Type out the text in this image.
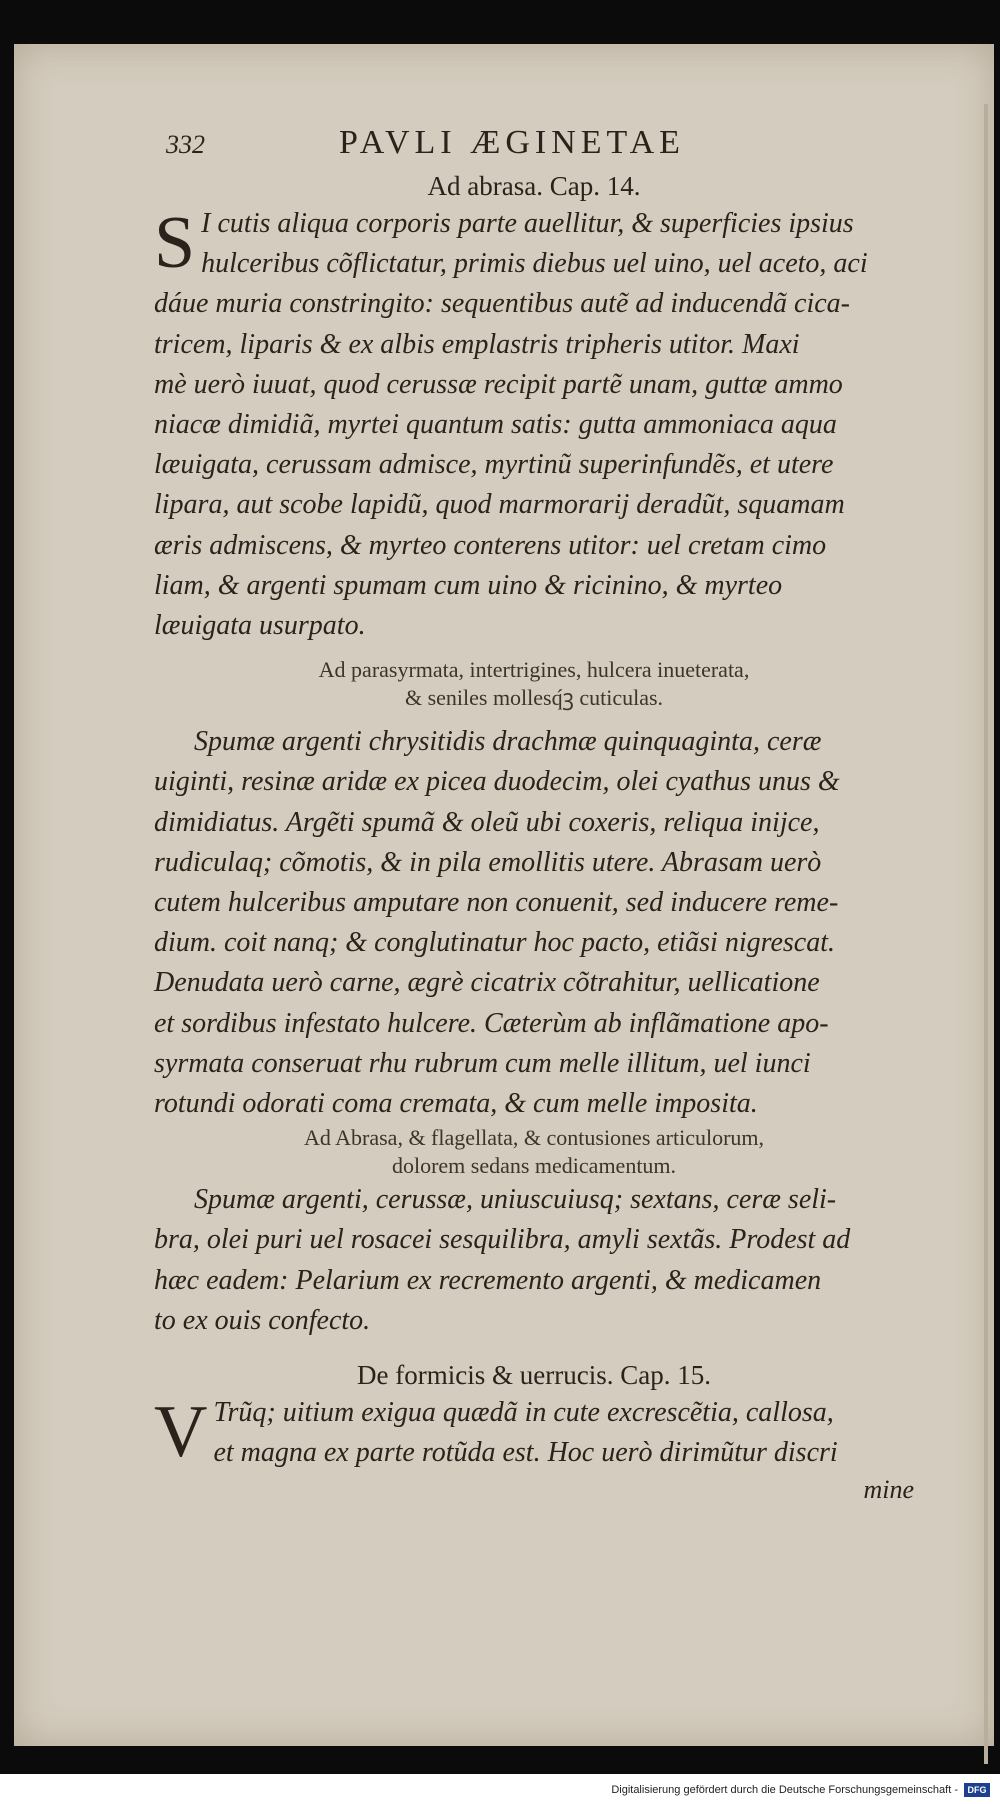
332	PAVLI ÆGINETAE

Ad abrasa. Cap. 14.

S I cutis aliqua corporis parte auellitur, & superficies ipsius

hulceribus cõflictatur, primis diebus uel uino, uel aceto, aci

dáue muria constringito: sequentibus autẽ ad inducendã cica-

tricem, liparis & ex albis emplastris tripheris utitor. Maxi

mè uerò iuuat, quod cerussæ recipit partẽ unam, guttæ ammo

niacæ dimidiã, myrtei quantum satis: gutta ammoniaca aqua

læuigata, cerussam admisce, myrtinũ superinfundẽs, et utere

lipara, aut scobe lapidũ, quod marmorarij deradũt, squamam

æris admiscens, & myrteo conterens utitor: uel cretam cimo

liam, & argenti spumam cum uino & ricinino, & myrteo

læuigata usurpato.

Ad parasyrmata, intertrigines, hulcera inueterata,

& seniles mollesq́ꝫ cuticulas.

Spumæ argenti chrysitidis drachmæ quinquaginta, ceræ

uiginti, resinæ aridæ ex picea duodecim, olei cyathus unus &

dimidiatus. Argẽti spumã & oleũ ubi coxeris, reliqua inijce,

rudiculaq; cõmotis, & in pila emollitis utere. Abrasam uerò

cutem hulceribus amputare non conuenit, sed inducere reme-

dium. coit nanq; & conglutinatur hoc pacto, etiãsi nigrescat.

Denudata uerò carne, ægrè cicatrix cõtrahitur, uellicatione

et sordibus infestato hulcere. Cæterùm ab inflãmatione apo-

syrmata conseruat rhu rubrum cum melle illitum, uel iunci

rotundi odorati coma cremata, & cum melle imposita.

Ad Abrasa, & flagellata, & contusiones articulorum,

dolorem sedans medicamentum.

Spumæ argenti, cerussæ, uniuscuiusq; sextans, ceræ seli-

bra, olei puri uel rosacei sesquilibra, amyli sextãs. Prodest ad

hæc eadem: Pelarium ex recremento argenti, & medicamen

to ex ouis confecto.

De formicis & uerrucis. Cap. 15.

V Trũq; uitium exigua quædã in cute excrescẽtia, callosa,

et magna ex parte rotũda est. Hoc uerò dirimũtur discri

mine

Digitalisierung gefördert durch die Deutsche Forschungsgemeinschaft -	DFG
